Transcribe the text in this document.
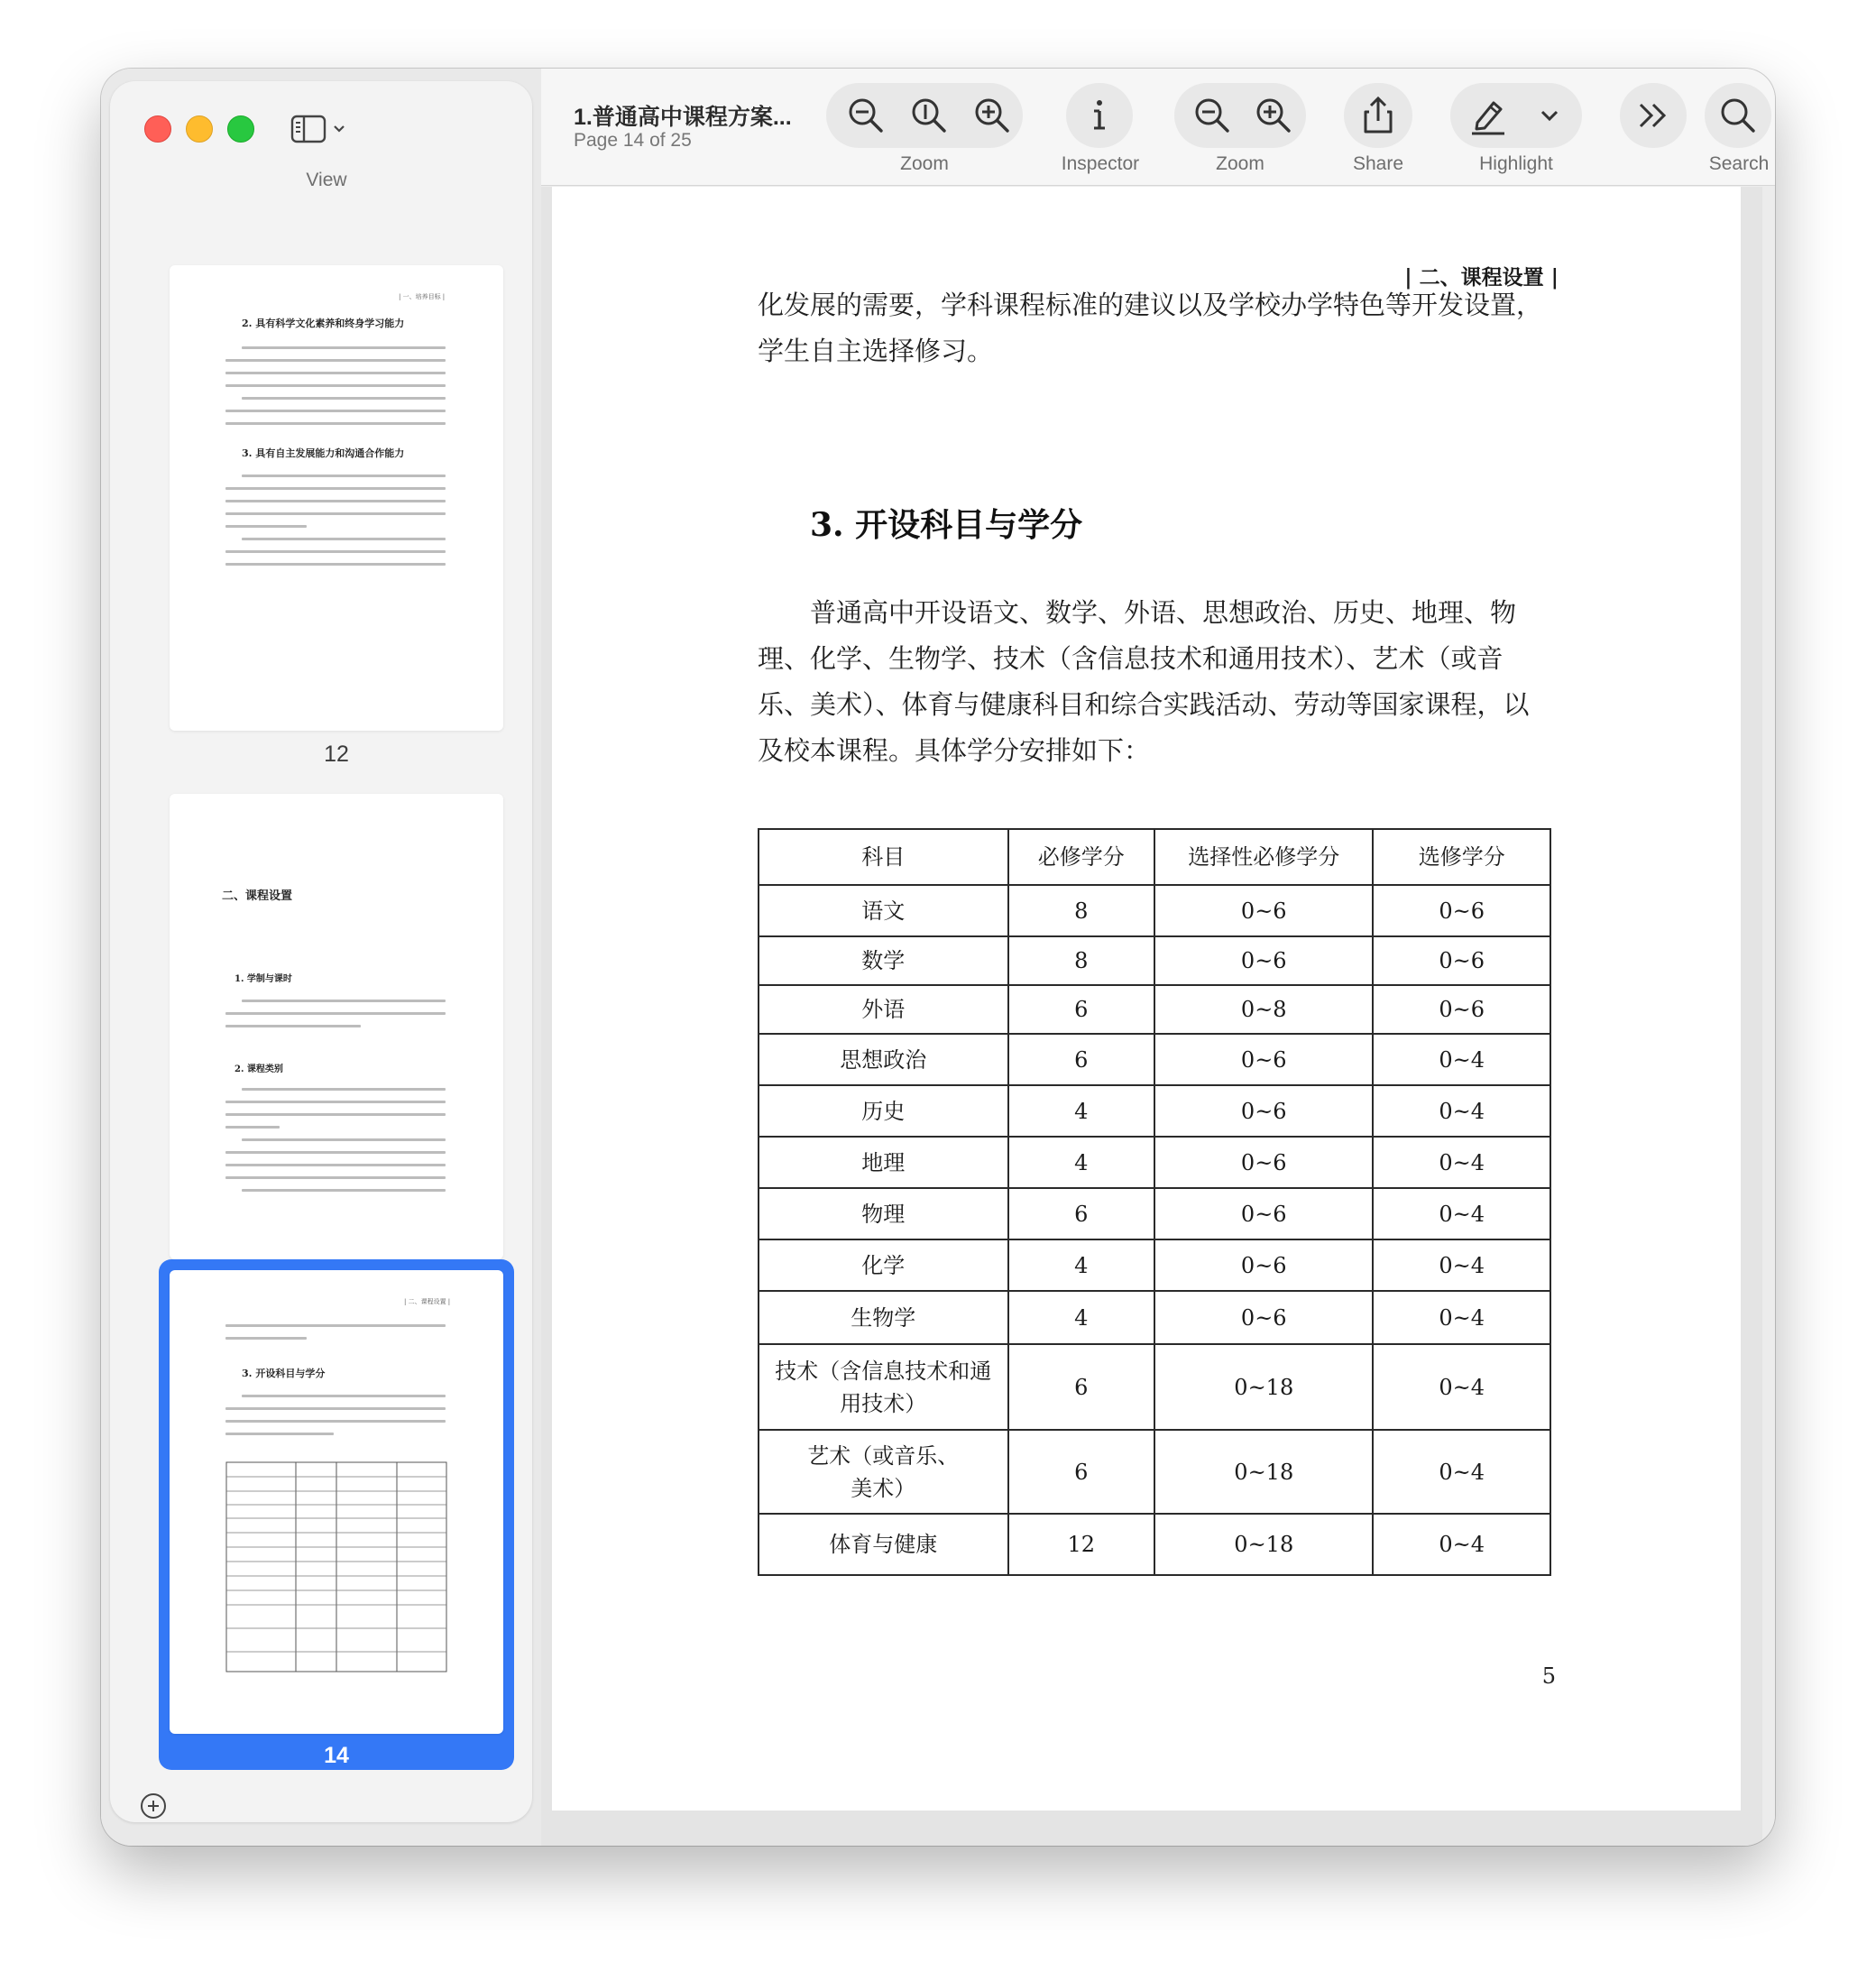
View
| 一、培养目标 |
2. 具有科学文化素养和终身学习能力
3. 具有自主发展能力和沟通合作能力
12
二、课程设置
1. 学制与课时
2. 课程类别
| 二、课程设置 |
3. 开设科目与学分
14
1.普通高中课程方案...
Page 14 of 25
Zoom	Inspector	Zoom	Share	Highlight	Search
| 二、课程设置 |
化发展的需要，学科课程标准的建议以及学校办学特色等开发设置，学生自主选择修习。
3. 开设科目与学分
普通高中开设语文、数学、外语、思想政治、历史、地理、物理、化学、生物学、技术（含信息技术和通用技术）、艺术（或音乐、美术）、体育与健康科目和综合实践活动、劳动等国家课程，以及校本课程。具体学分安排如下：
科目	必修学分	选择性必修学分	选修学分
语文	8	0~6	0~6
数学	8	0~6	0~6
外语	6	0~8	0~6
思想政治	6	0~6	0~4
历史	4	0~6	0~4
地理	4	0~6	0~4
物理	6	0~6	0~4
化学	4	0~6	0~4
生物学	4	0~6	0~4
技术（含信息技术和通用技术）	6	0~18	0~4
艺术（或音乐、美术）	6	0~18	0~4
体育与健康	12	0~18	0~4
5
